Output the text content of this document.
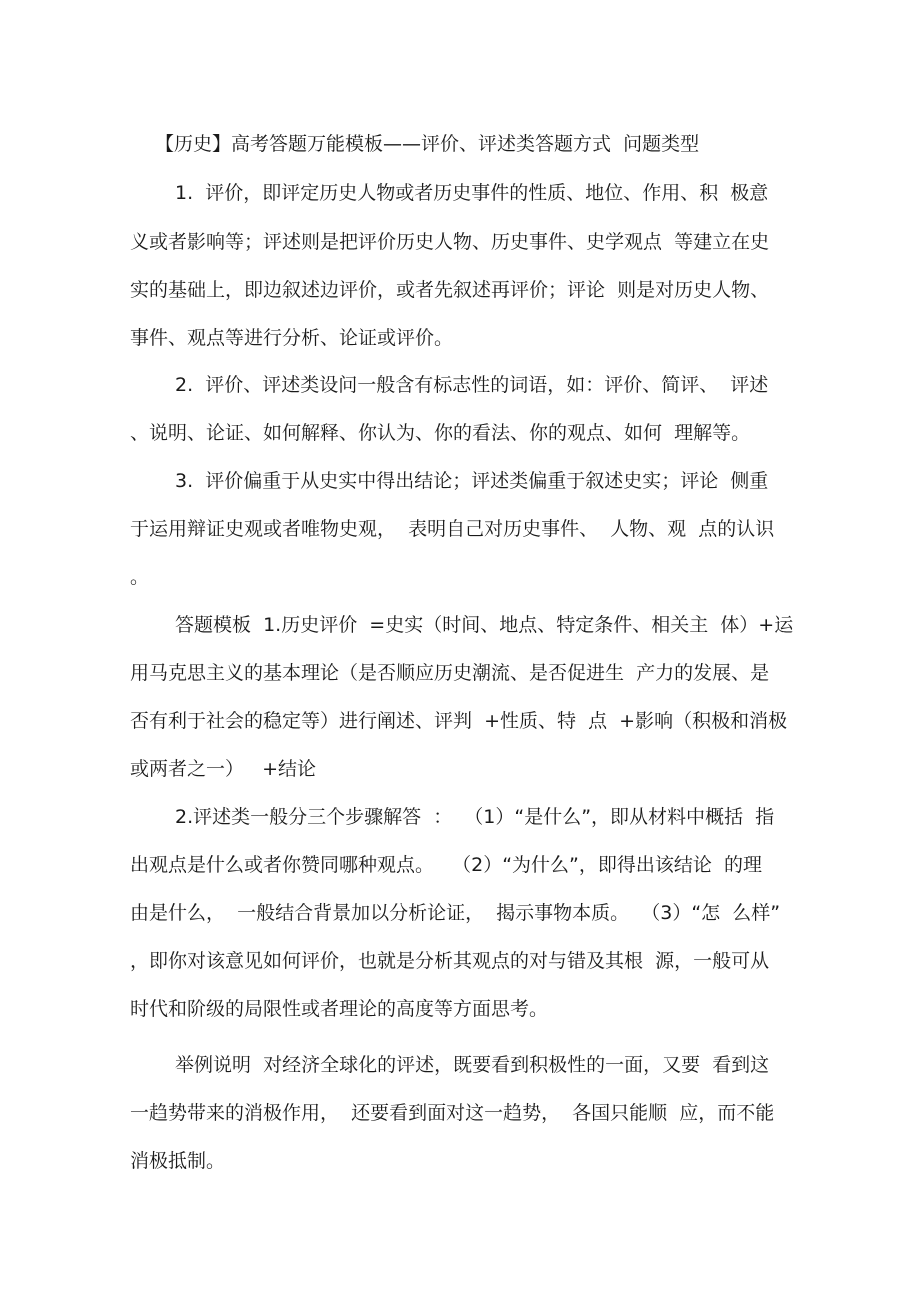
【历史】高考答题万能模板——评价、评述类答题方式  问题类型

1.  评价，即评定历史人物或者历史事件的性质、地位、作用、积  极意

义或者影响等；评述则是把评价历史人物、历史事件、史学观点  等建立在史

实的基础上，即边叙述边评价，或者先叙述再评价；评论  则是对历史人物、

事件、观点等进行分析、论证或评价。

2.  评价、评述类设问一般含有标志性的词语，如：评价、简评、  评述

、说明、论证、如何解释、你认为、你的看法、你的观点、如何  理解等。

3.  评价偏重于从史实中得出结论；评述类偏重于叙述史实；评论  侧重

于运用辩证史观或者唯物史观，  表明自己对历史事件、  人物、观  点的认识

。

答题模板  1.历史评价  =史实（时间、地点、特定条件、相关主  体）+运

用马克思主义的基本理论（是否顺应历史潮流、是否促进生  产力的发展、是

否有利于社会的稳定等）进行阐述、评判  +性质、特  点  +影响（积极和消极

或两者之一）   +结论

2.评述类一般分三个步骤解答  ：  （1）“是什么”，即从材料中概括  指

出观点是什么或者你赞同哪种观点。   （2）“为什么”，即得出该结论  的理

由是什么，  一般结合背景加以分析论证，  揭示事物本质。  （3）“怎  么样”

，即你对该意见如何评价，也就是分析其观点的对与错及其根  源，一般可从

时代和阶级的局限性或者理论的高度等方面思考。

举例说明  对经济全球化的评述，既要看到积极性的一面，又要  看到这

一趋势带来的消极作用，  还要看到面对这一趋势，  各国只能顺  应，而不能

消极抵制。
